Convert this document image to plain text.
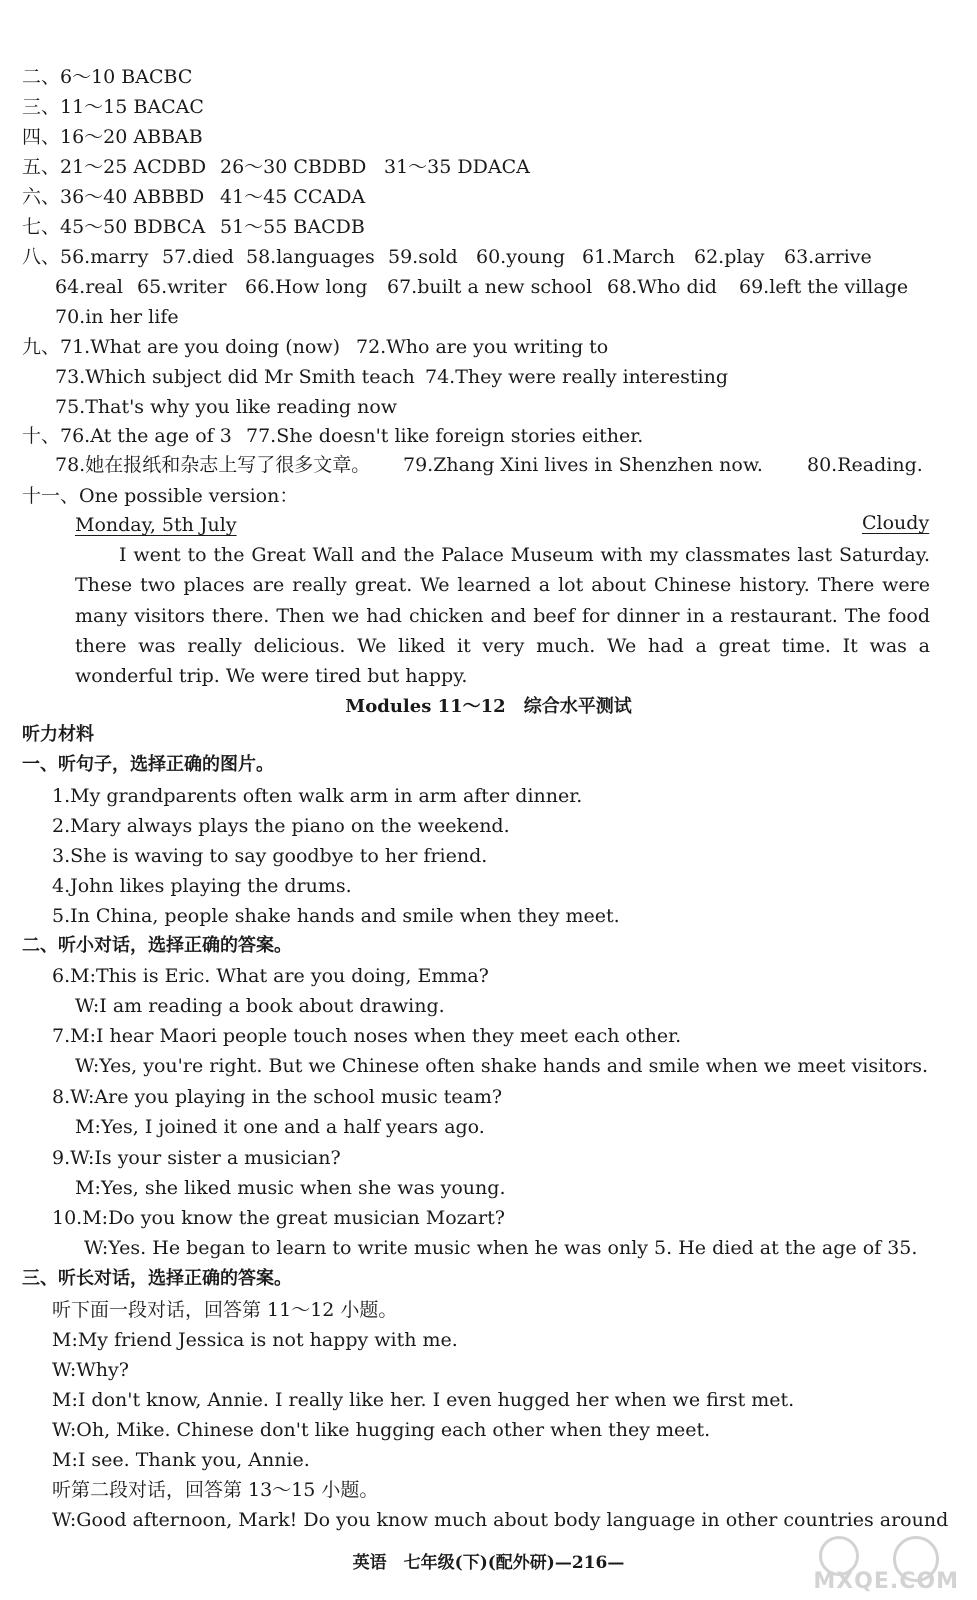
二、6～10 BACBC
三、11～15 BACAC
四、16～20 ABBAB
五、21～25 ACDBD 26～30 CBDBD 31～35 DDACA
六、36～40 ABBBD 41～45 CCADA
七、45～50 BDBCA 51～55 BACDB
八、56.marry 57.died 58.languages 59.sold 60.young 61.March 62.play 63.arrive
64.real 65.writer 66.How long 67.built a new school 68.Who did 69.left the village
70.in her life
九、71.What are you doing (now) 72.Who are you writing to
73.Which subject did Mr Smith teach 74.They were really interesting
75.That's why you like reading now
十、76.At the age of 3 77.She doesn't like foreign stories either.
78.她在报纸和杂志上写了很多文章。 79.Zhang Xini lives in Shenzhen now. 80.Reading.
十一、One possible version：
Monday, 5th July	Cloudy
I went to the Great Wall and the Palace Museum with my classmates last Saturday. These two places are really great. We learned a lot about Chinese history. There were many visitors there. Then we had chicken and beef for dinner in a restaurant. The food there was really delicious. We liked it very much. We had a great time. It was a wonderful trip. We were tired but happy.
Modules 11～12　综合水平测试
听力材料
一、听句子，选择正确的图片。
1.My grandparents often walk arm in arm after dinner.
2.Mary always plays the piano on the weekend.
3.She is waving to say goodbye to her friend.
4.John likes playing the drums.
5.In China, people shake hands and smile when they meet.
二、听小对话，选择正确的答案。
6.M:This is Eric. What are you doing, Emma?
W:I am reading a book about drawing.
7.M:I hear Maori people touch noses when they meet each other.
W:Yes, you're right. But we Chinese often shake hands and smile when we meet visitors.
8.W:Are you playing in the school music team?
M:Yes, I joined it one and a half years ago.
9.W:Is your sister a musician?
M:Yes, she liked music when she was young.
10.M:Do you know the great musician Mozart?
W:Yes. He began to learn to write music when he was only 5. He died at the age of 35.
三、听长对话，选择正确的答案。
听下面一段对话，回答第 11～12 小题。
M:My friend Jessica is not happy with me.
W:Why?
M:I don't know, Annie. I really like her. I even hugged her when we first met.
W:Oh, Mike. Chinese don't like hugging each other when they meet.
M:I see. Thank you, Annie.
听第二段对话，回答第 13～15 小题。
W:Good afternoon, Mark! Do you know much about body language in other countries around
英语　七年级(下)(配外研)—216—
MXQE.COM
